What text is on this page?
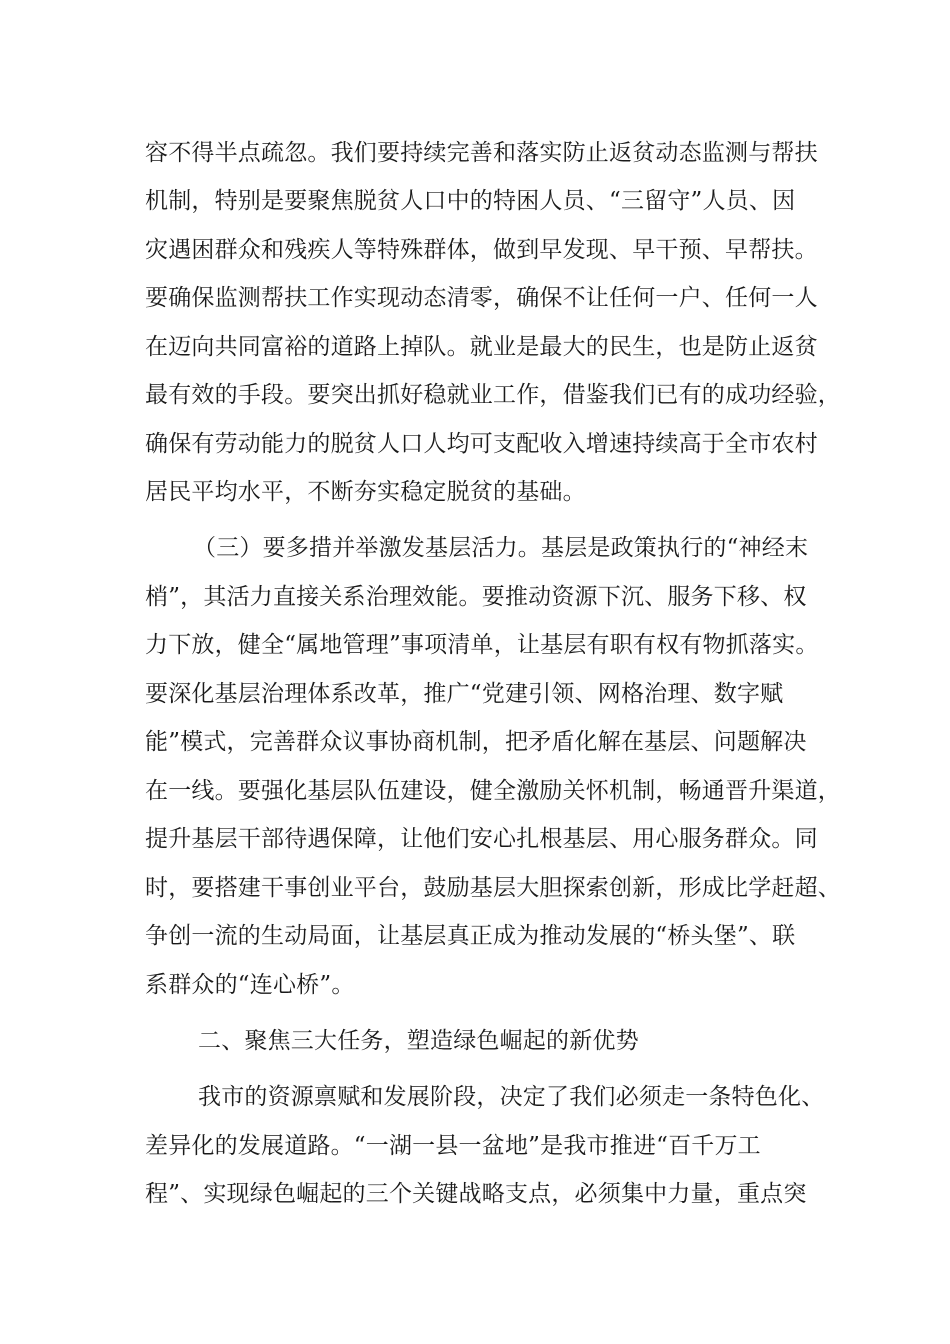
容不得半点疏忽。我们要持续完善和落实防止返贫动态监测与帮扶
机制，特别是要聚焦脱贫人口中的特困人员、“三留守”人员、因
灾遇困群众和残疾人等特殊群体，做到早发现、早干预、早帮扶。
要确保监测帮扶工作实现动态清零，确保不让任何一户、任何一人
在迈向共同富裕的道路上掉队。就业是最大的民生，也是防止返贫
最有效的手段。要突出抓好稳就业工作，借鉴我们已有的成功经验，
确保有劳动能力的脱贫人口人均可支配收入增速持续高于全市农村
居民平均水平，不断夯实稳定脱贫的基础。
（三）要多措并举激发基层活力。基层是政策执行的“神经末
梢”，其活力直接关系治理效能。要推动资源下沉、服务下移、权
力下放，健全“属地管理”事项清单，让基层有职有权有物抓落实。
要深化基层治理体系改革，推广“党建引领、网格治理、数字赋
能”模式，完善群众议事协商机制，把矛盾化解在基层、问题解决
在一线。要强化基层队伍建设，健全激励关怀机制，畅通晋升渠道，
提升基层干部待遇保障，让他们安心扎根基层、用心服务群众。同
时，要搭建干事创业平台，鼓励基层大胆探索创新，形成比学赶超、
争创一流的生动局面，让基层真正成为推动发展的“桥头堡”、联
系群众的“连心桥”。
二、聚焦三大任务，塑造绿色崛起的新优势
我市的资源禀赋和发展阶段，决定了我们必须走一条特色化、
差异化的发展道路。“一湖一县一盆地”是我市推进“百千万工
程”、实现绿色崛起的三个关键战略支点，必须集中力量，重点突
